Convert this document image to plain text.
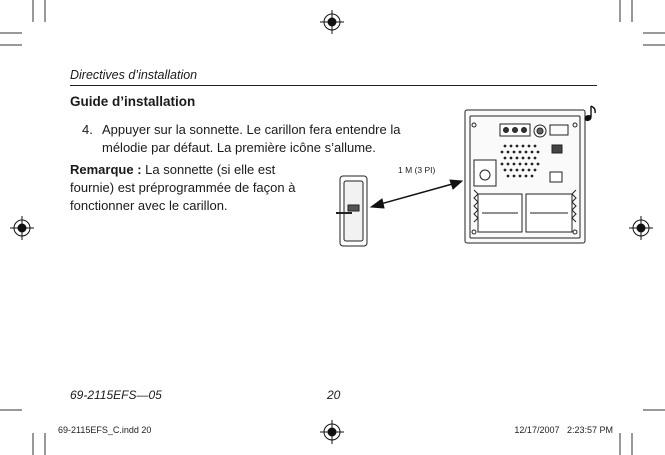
Directives d’installation
Guide d’installation
4. Appuyer sur la sonnette. Le carillon fera entendre la mélodie par défaut. La première icône s’allume.
Remarque : La sonnette (si elle est fournie) est préprogrammée de façon à fonctionner avec le carillon.
1 M (3 PI)
69-2115EFS—05	20
69-2115EFS_C.indd 20	12/17/2007   2:23:57 PM
